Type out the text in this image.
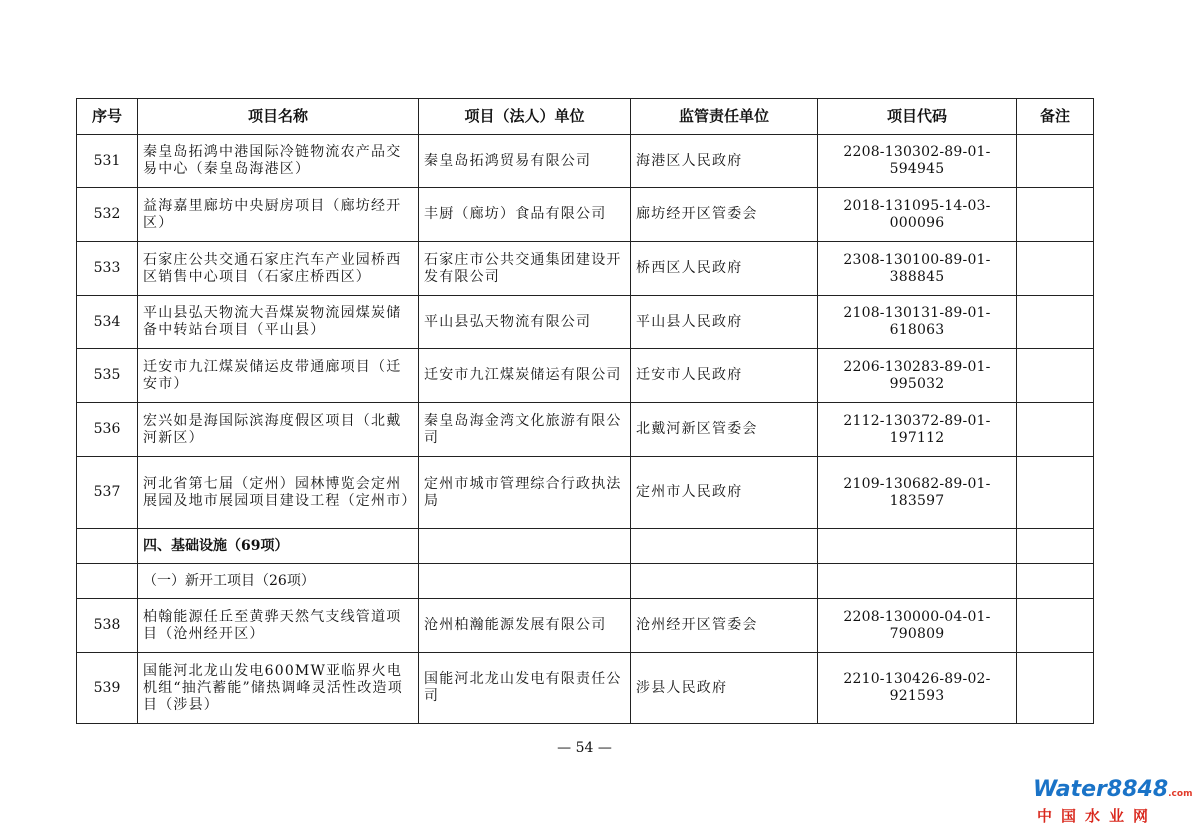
序号	项目名称	项目（法人）单位	监管责任单位	项目代码	备注
531	秦皇岛拓鸿中港国际冷链物流农产品交易中心（秦皇岛海港区）	秦皇岛拓鸿贸易有限公司	海港区人民政府	2208-130302-89-01-594945	
532	益海嘉里廊坊中央厨房项目（廊坊经开区）	丰厨（廊坊）食品有限公司	廊坊经开区管委会	2018-131095-14-03-000096	
533	石家庄公共交通石家庄汽车产业园桥西区销售中心项目（石家庄桥西区）	石家庄市公共交通集团建设开发有限公司	桥西区人民政府	2308-130100-89-01-388845	
534	平山县弘天物流大吾煤炭物流园煤炭储备中转站台项目（平山县）	平山县弘天物流有限公司	平山县人民政府	2108-130131-89-01-618063	
535	迁安市九江煤炭储运皮带通廊项目（迁安市）	迁安市九江煤炭储运有限公司	迁安市人民政府	2206-130283-89-01-995032	
536	宏兴如是海国际滨海度假区项目（北戴河新区）	秦皇岛海金湾文化旅游有限公司	北戴河新区管委会	2112-130372-89-01-197112	
537	河北省第七届（定州）园林博览会定州展园及地市展园项目建设工程（定州市）	定州市城市管理综合行政执法局	定州市人民政府	2109-130682-89-01-183597	
	四、基础设施（69项）				
	（一）新开工项目（26项）				
538	柏翰能源任丘至黄骅天然气支线管道项目（沧州经开区）	沧州柏瀚能源发展有限公司	沧州经开区管委会	2208-130000-04-01-790809	
539	国能河北龙山发电600MW亚临界火电机组“抽汽蓄能”储热调峰灵活性改造项目（涉县）	国能河北龙山发电有限责任公司	涉县人民政府	2210-130426-89-02-921593	
— 54 —
Water8848.com
中国水业网
